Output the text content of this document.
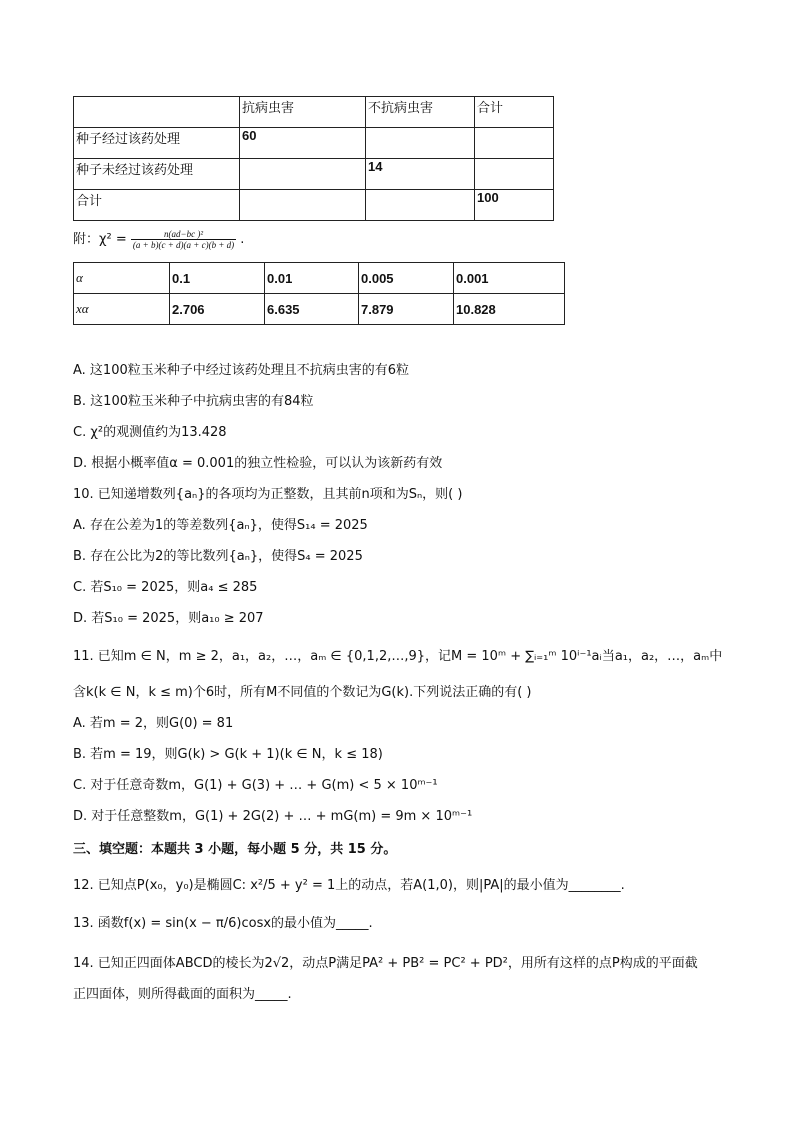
	抗病虫害	不抗病虫害	合计
种子经过该药处理	60		
种子未经过该药处理		14	
合计			100
附：$\chi^2 = \frac{\text{n(ad−bc )²}}{(a + b)(c + d)(a + c)(b + d)}$ .
α	0.1	0.01	0.005	0.001
xα	2.706	6.635	7.879	10.828
A. 这100粒玉米种子中经过该药处理且不抗病虫害的有6粒
B. 这100粒玉米种子中抗病虫害的有84粒
C. χ²的观测值约为13.428
D. 根据小概率值α = 0.001的独立性检验，可以认为该新药有效
10. 已知递增数列{aₙ}的各项均为正整数，且其前n项和为Sₙ，则( )
A. 存在公差为1的等差数列{aₙ}，使得S₁₄ = 2025
B. 存在公比为2的等比数列{aₙ}，使得S₄ = 2025
C. 若S₁₀ = 2025，则a₄ ≤ 285
D. 若S₁₀ = 2025，则a₁₀ ≥ 207
11. 已知m ∈ N，m ≥ 2，a₁，a₂，…，aₘ ∈ {0,1,2,…,9}，记M = 10ᵐ + ∑ᵢ₌₁ᵐ 10ⁱ⁻¹aᵢ当a₁，a₂，…，aₘ中
含k(k ∈ N，k ≤ m)个6时，所有M不同值的个数记为G(k).下列说法正确的有( )
A. 若m = 2，则G(0) = 81
B. 若m = 19，则G(k) > G(k + 1)(k ∈ N，k ≤ 18)
C. 对于任意奇数m，G(1) + G(3) + … + G(m) < 5 × 10ᵐ⁻¹
D. 对于任意整数m，G(1) + 2G(2) + … + mG(m) = 9m × 10ᵐ⁻¹
三、填空题：本题共 3 小题，每小题 5 分，共 15 分。
12. 已知点P(x₀，y₀)是椭圆C: x²/5 + y² = 1上的动点，若A(1,0)，则|PA|的最小值为________.
13. 函数f(x) = sin(x − π/6)cosx的最小值为_____.
14. 已知正四面体ABCD的棱长为2√2，动点P满足PA² + PB² = PC² + PD²，用所有这样的点P构成的平面截
正四面体，则所得截面的面积为_____.
